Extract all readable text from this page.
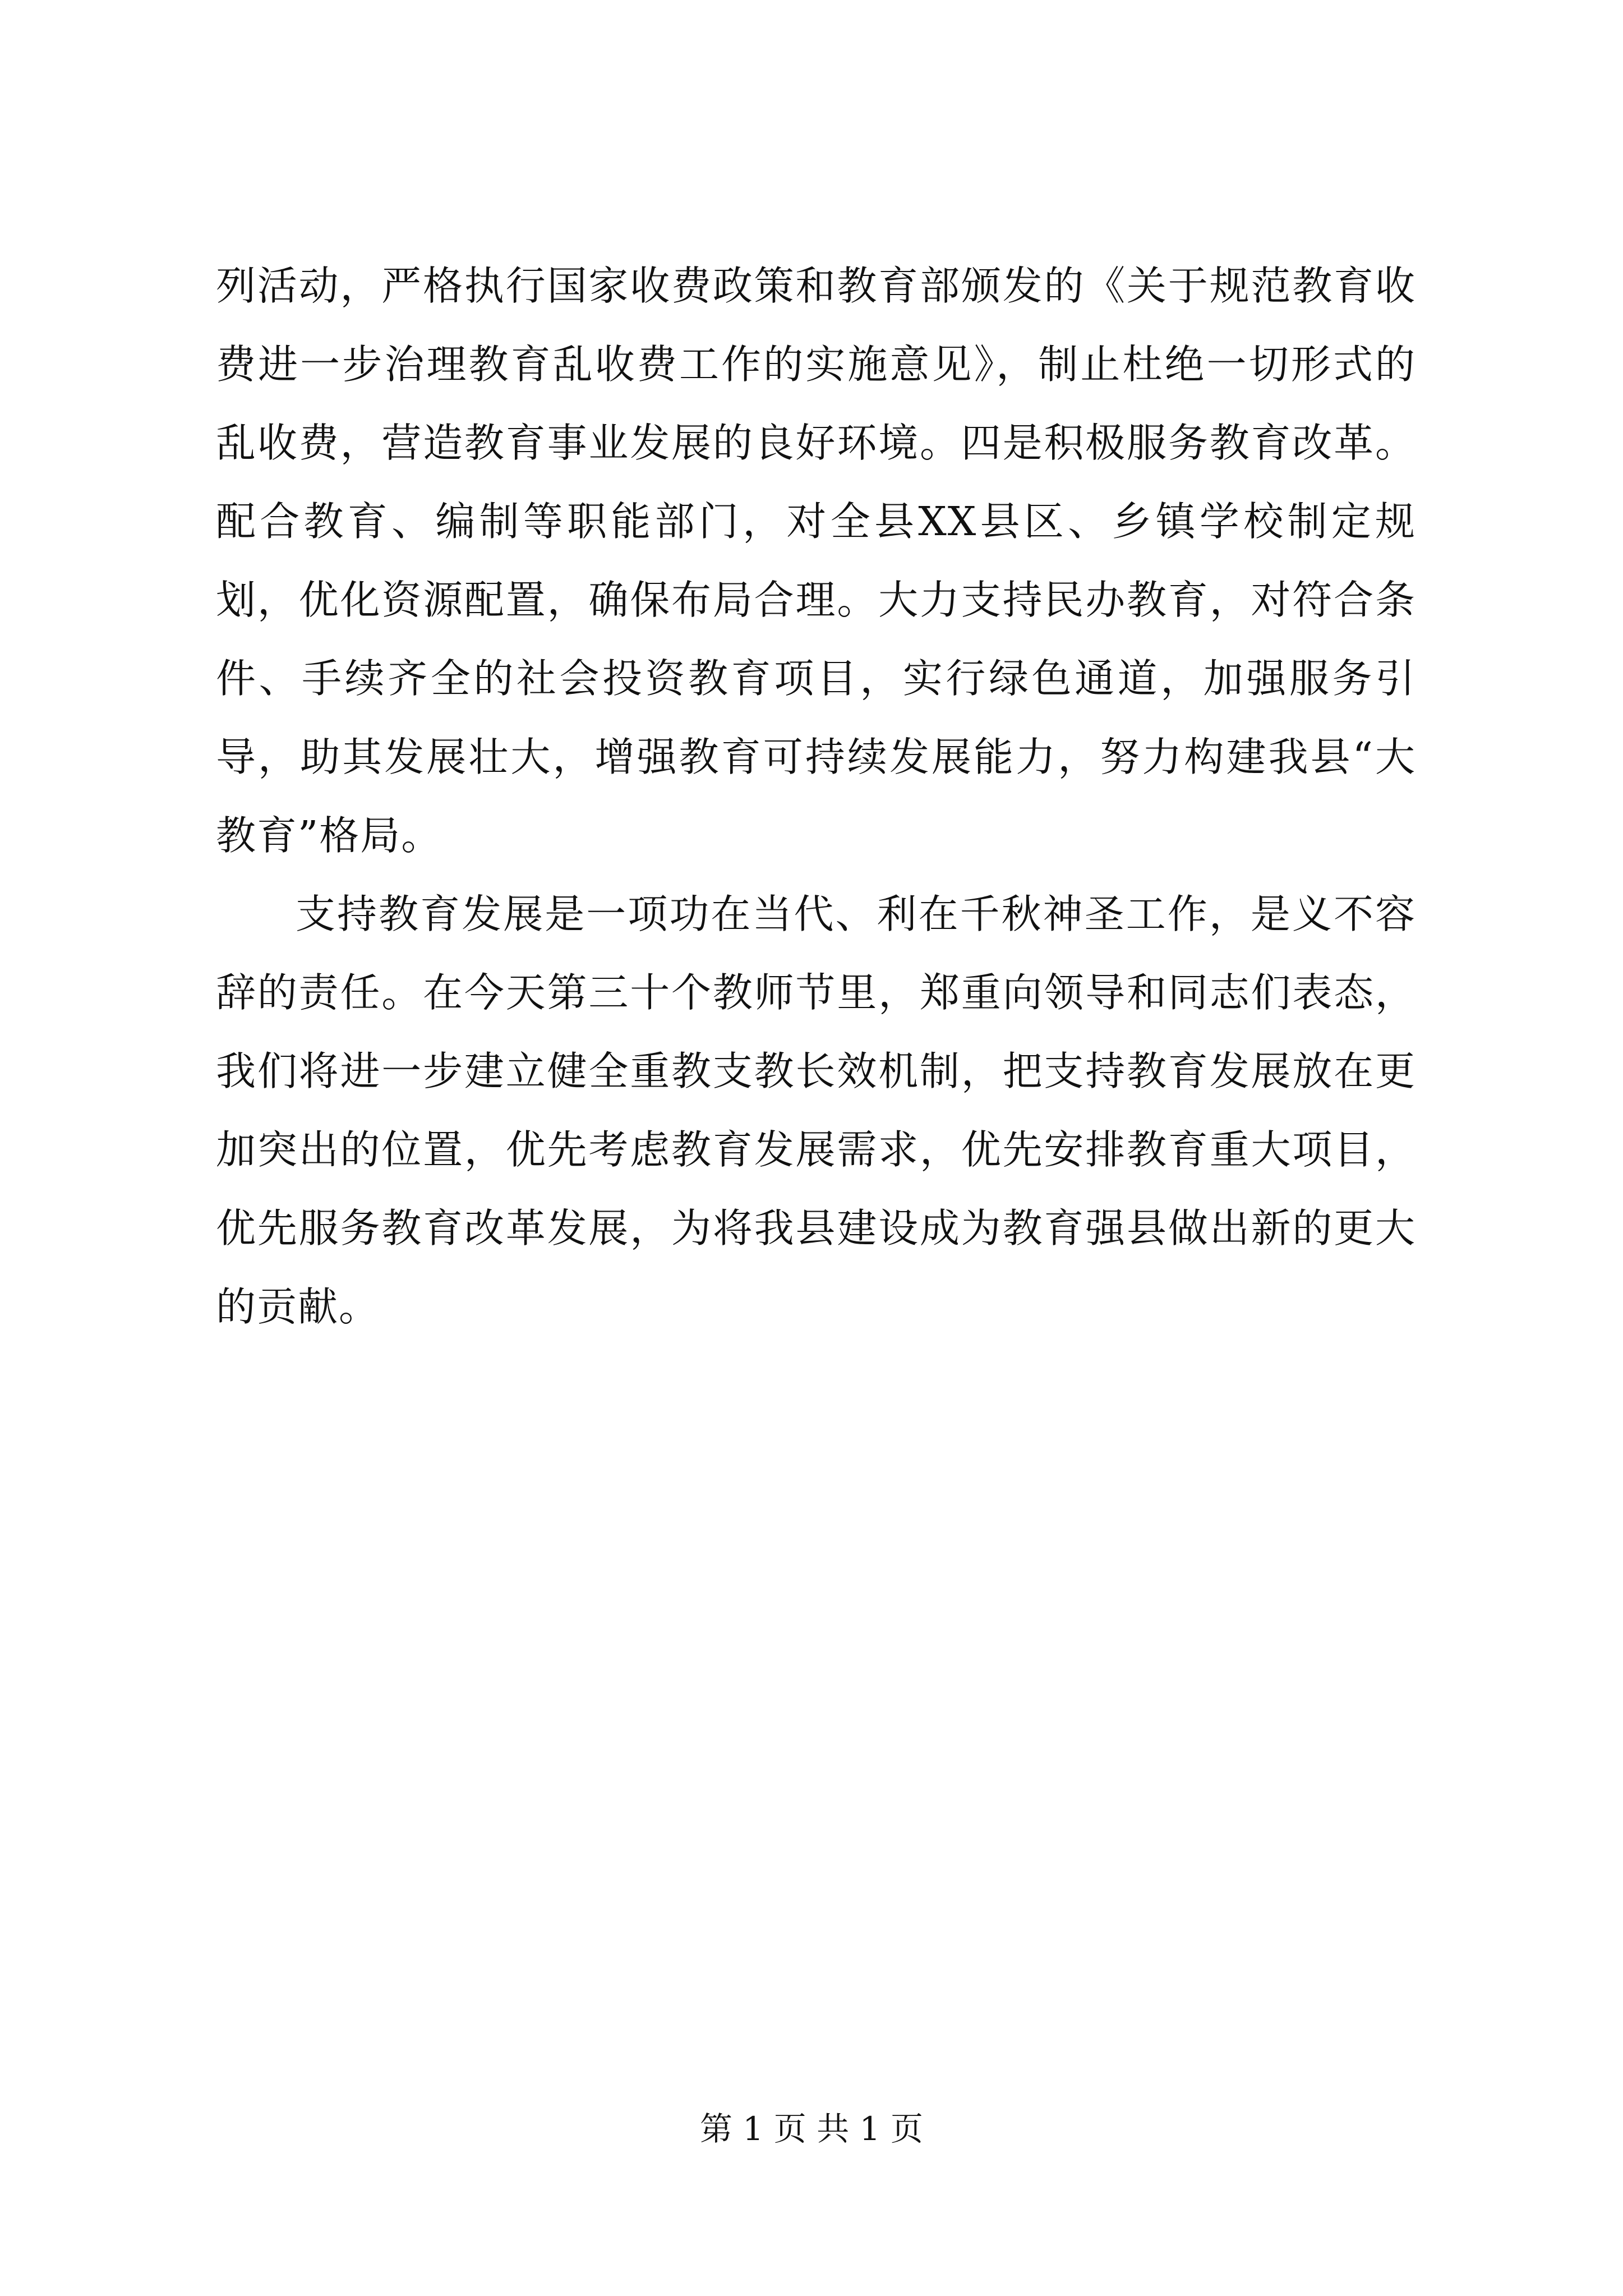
列活动，严格执行国家收费政策和教育部颁发的《关于规范教育收费进一步治理教育乱收费工作的实施意见》，制止杜绝一切形式的乱收费，营造教育事业发展的良好环境。四是积极服务教育改革。配合教育、编制等职能部门，对全县XX县区、乡镇学校制定规划，优化资源配置，确保布局合理。大力支持民办教育，对符合条件、手续齐全的社会投资教育项目，实行绿色通道，加强服务引导，助其发展壮大，增强教育可持续发展能力，努力构建我县“大教育”格局。

支持教育发展是一项功在当代、利在千秋神圣工作，是义不容辞的责任。在今天第三十个教师节里，郑重向领导和同志们表态，我们将进一步建立健全重教支教长效机制，把支持教育发展放在更加突出的位置，优先考虑教育发展需求，优先安排教育重大项目，优先服务教育改革发展，为将我县建设成为教育强县做出新的更大的贡献。

第 1 页 共 1 页
